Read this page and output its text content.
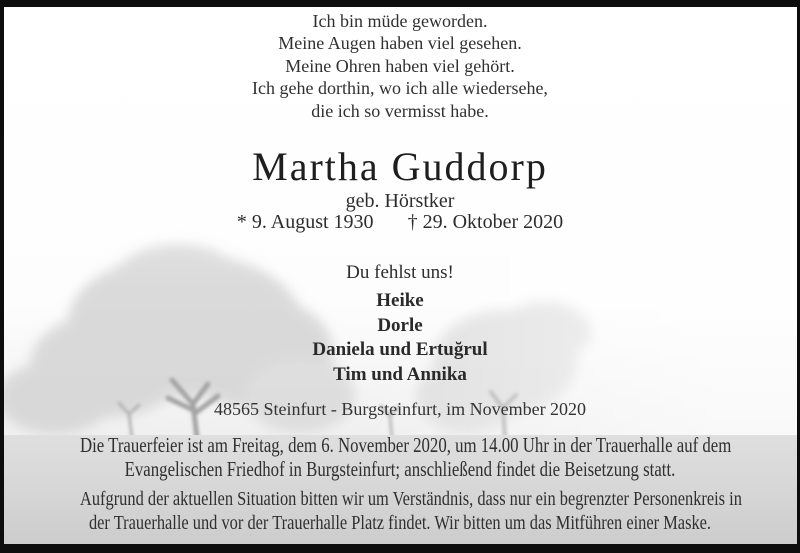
Ich bin müde geworden.
Meine Augen haben viel gesehen.
Meine Ohren haben viel gehört.
Ich gehe dorthin, wo ich alle wiedersehe,
die ich so vermisst habe.
Martha Guddorp
geb. Hörstker
* 9. August 1930 † 29. Oktober 2020
Du fehlst uns!
Heike
Dorle
Daniela und Ertuğrul
Tim und Annika
48565 Steinfurt - Burgsteinfurt, im November 2020
Die Trauerfeier ist am Freitag, dem 6. November 2020, um 14.00 Uhr in der Trauerhalle auf dem
Evangelischen Friedhof in Burgsteinfurt; anschließend findet die Beisetzung statt.
Aufgrund der aktuellen Situation bitten wir um Verständnis, dass nur ein begrenzter Personenkreis in
der Trauerhalle und vor der Trauerhalle Platz findet. Wir bitten um das Mitführen einer Maske.
